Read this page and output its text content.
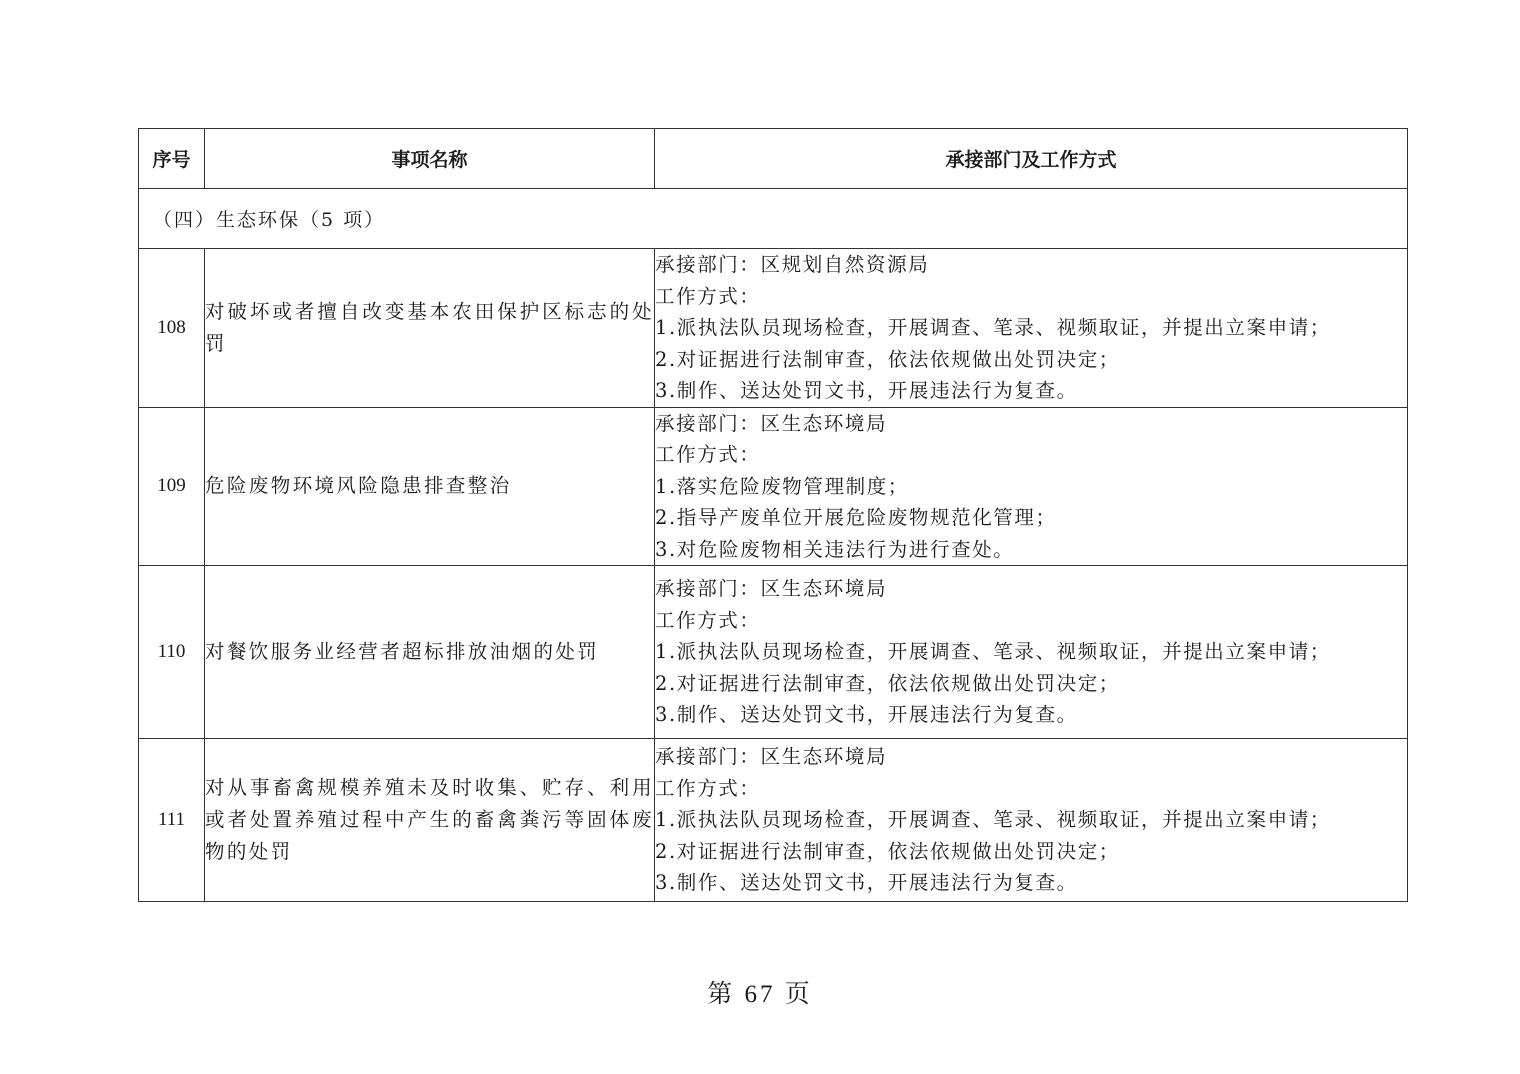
序号	事项名称	承接部门及工作方式
（四）生态环保（5 项）		
108	对破坏或者擅自改变基本农田保护区标志的处罚	承接部门：区规划自然资源局
工作方式：
1.派执法队员现场检查，开展调查、笔录、视频取证，并提出立案申请；
2.对证据进行法制审查，依法依规做出处罚决定；
3.制作、送达处罚文书，开展违法行为复查。

109	危险废物环境风险隐患排查整治	承接部门：区生态环境局
工作方式：
1.落实危险废物管理制度；
2.指导产废单位开展危险废物规范化管理；
3.对危险废物相关违法行为进行查处。

110	对餐饮服务业经营者超标排放油烟的处罚	承接部门：区生态环境局
工作方式：
1.派执法队员现场检查，开展调查、笔录、视频取证，并提出立案申请；
2.对证据进行法制审查，依法依规做出处罚决定；
3.制作、送达处罚文书，开展违法行为复查。

111	对从事畜禽规模养殖未及时收集、贮存、利用或者处置养殖过程中产生的畜禽粪污等固体废物的处罚	承接部门：区生态环境局
工作方式：
1.派执法队员现场检查，开展调查、笔录、视频取证，并提出立案申请；
2.对证据进行法制审查，依法依规做出处罚决定；
3.制作、送达处罚文书，开展违法行为复查。
第 67 页
